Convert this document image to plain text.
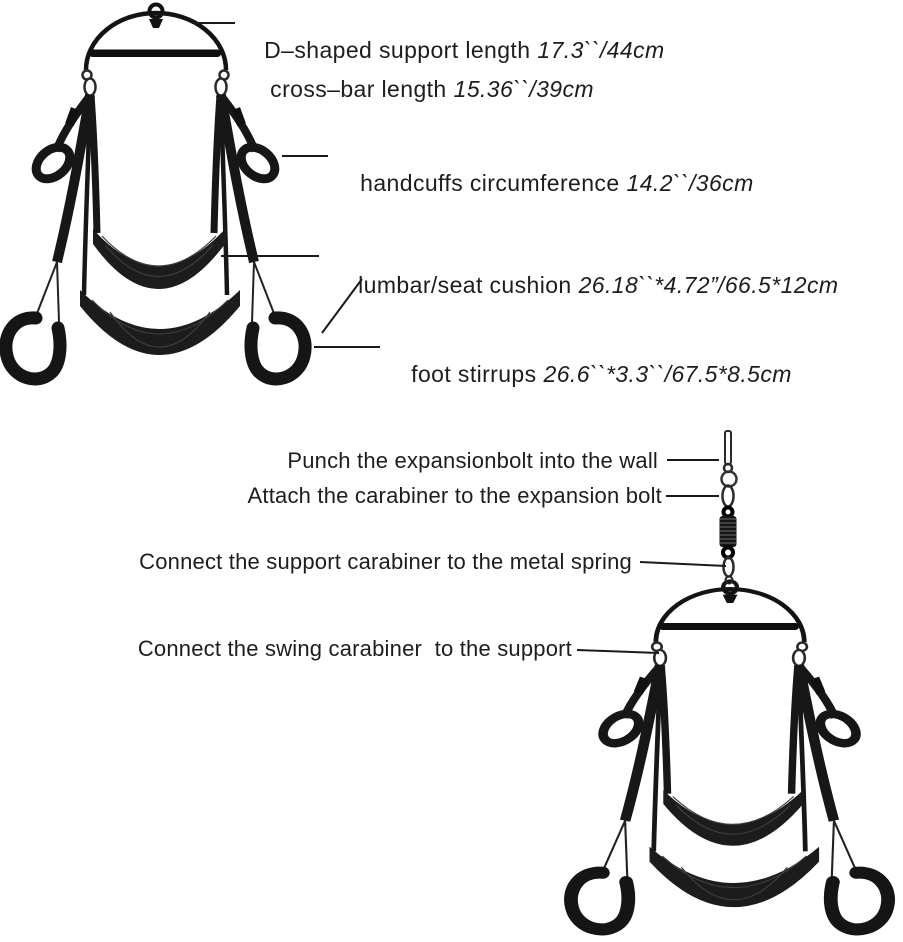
D–shaped support length 17.3``/44cm

cross–bar length 15.36``/39cm

handcuffs circumference 14.2``/36cm

lumbar/seat cushion 26.18``*4.72”/66.5*12cm

foot stirrups 26.6``*3.3``/67.5*8.5cm

Punch the expansionbolt into the wall
Attach the carabiner to the expansion bolt
Connect the support carabiner to the metal spring
Connect the swing carabiner  to the support
